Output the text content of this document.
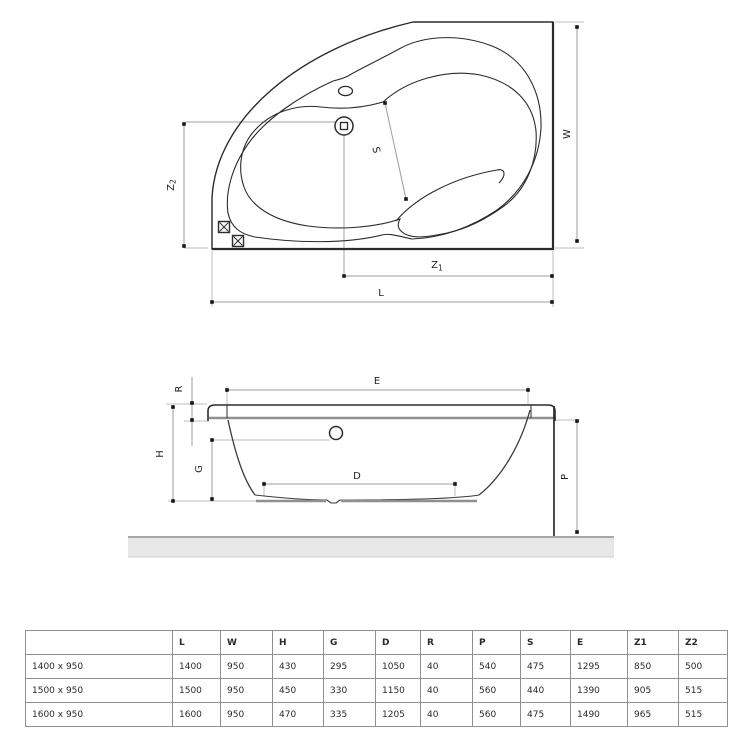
W
$Z_2$
$Z_1$
L
S
E
R
H
G
D	P
	L	W	H	G	D	R	P	S	E	Z1	Z2
1400 x 950	1400	950	430	295	1050	40	540	475	1295	850	500
1500 x 950	1500	950	450	330	1150	40	560	440	1390	905	515
1600 x 950	1600	950	470	335	1205	40	560	475	1490	965	515
